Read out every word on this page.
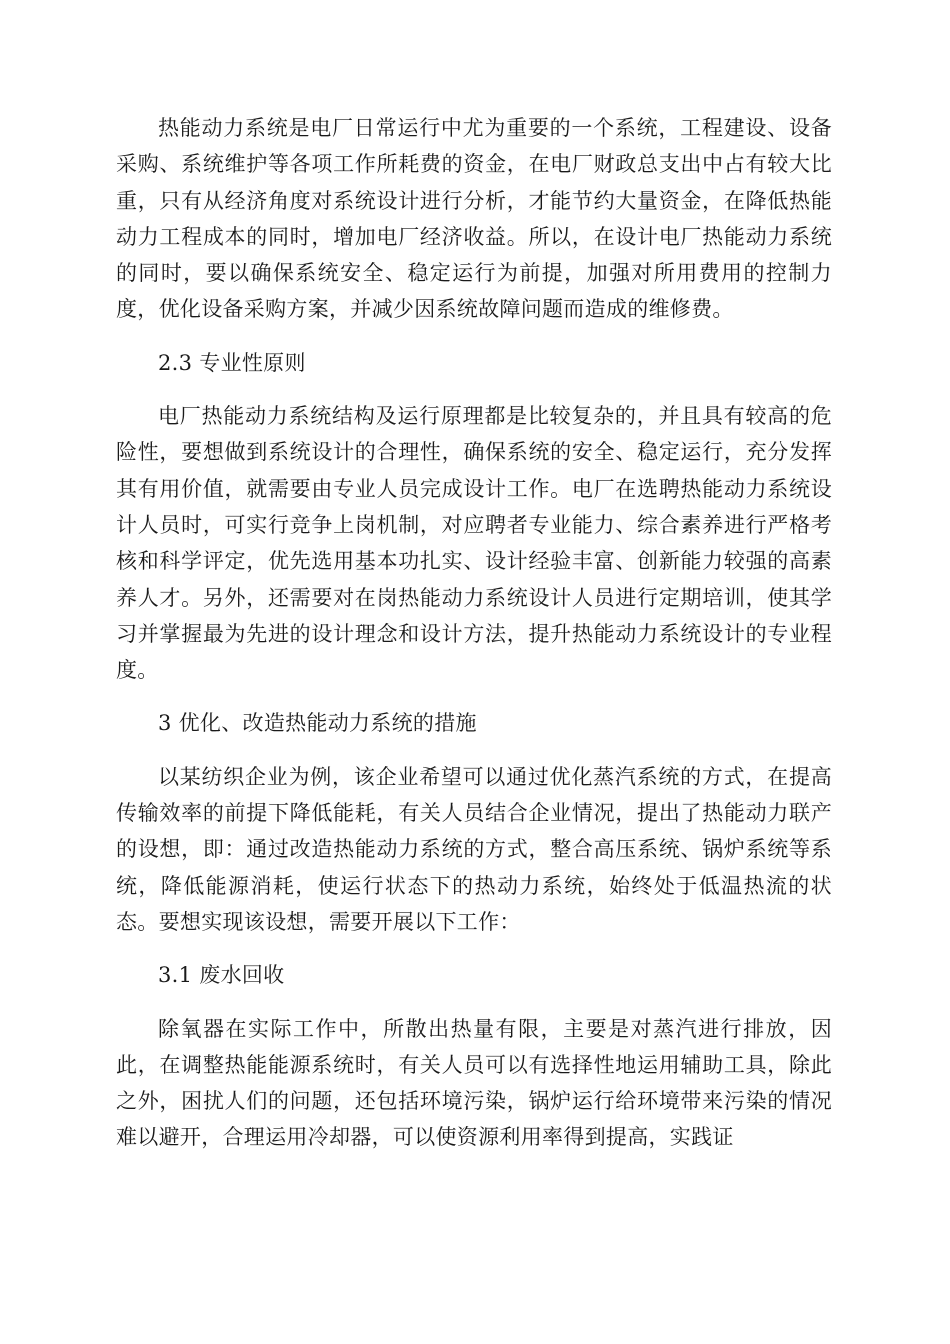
热能动力系统是电厂日常运行中尤为重要的一个系统，工程建设、设备采购、系统维护等各项工作所耗费的资金，在电厂财政总支出中占有较大比重，只有从经济角度对系统设计进行分析，才能节约大量资金，在降低热能动力工程成本的同时，增加电厂经济收益。所以，在设计电厂热能动力系统的同时，要以确保系统安全、稳定运行为前提，加强对所用费用的控制力度，优化设备采购方案，并减少因系统故障问题而造成的维修费。

2.3 专业性原则

电厂热能动力系统结构及运行原理都是比较复杂的，并且具有较高的危险性，要想做到系统设计的合理性，确保系统的安全、稳定运行，充分发挥其有用价值，就需要由专业人员完成设计工作。电厂在选聘热能动力系统设计人员时，可实行竞争上岗机制，对应聘者专业能力、综合素养进行严格考核和科学评定，优先选用基本功扎实、设计经验丰富、创新能力较强的高素养人才。另外，还需要对在岗热能动力系统设计人员进行定期培训，使其学习并掌握最为先进的设计理念和设计方法，提升热能动力系统设计的专业程度。

3 优化、改造热能动力系统的措施

以某纺织企业为例，该企业希望可以通过优化蒸汽系统的方式，在提高传输效率的前提下降低能耗，有关人员结合企业情况，提出了热能动力联产的设想，即：通过改造热能动力系统的方式，整合高压系统、锅炉系统等系统，降低能源消耗，使运行状态下的热动力系统，始终处于低温热流的状态。要想实现该设想，需要开展以下工作：

3.1 废水回收

除氧器在实际工作中，所散出热量有限，主要是对蒸汽进行排放，因此，在调整热能能源系统时，有关人员可以有选择性地运用辅助工具，除此之外，困扰人们的问题，还包括环境污染，锅炉运行给环境带来污染的情况难以避开，合理运用冷却器，可以使资源利用率得到提高，实践证
